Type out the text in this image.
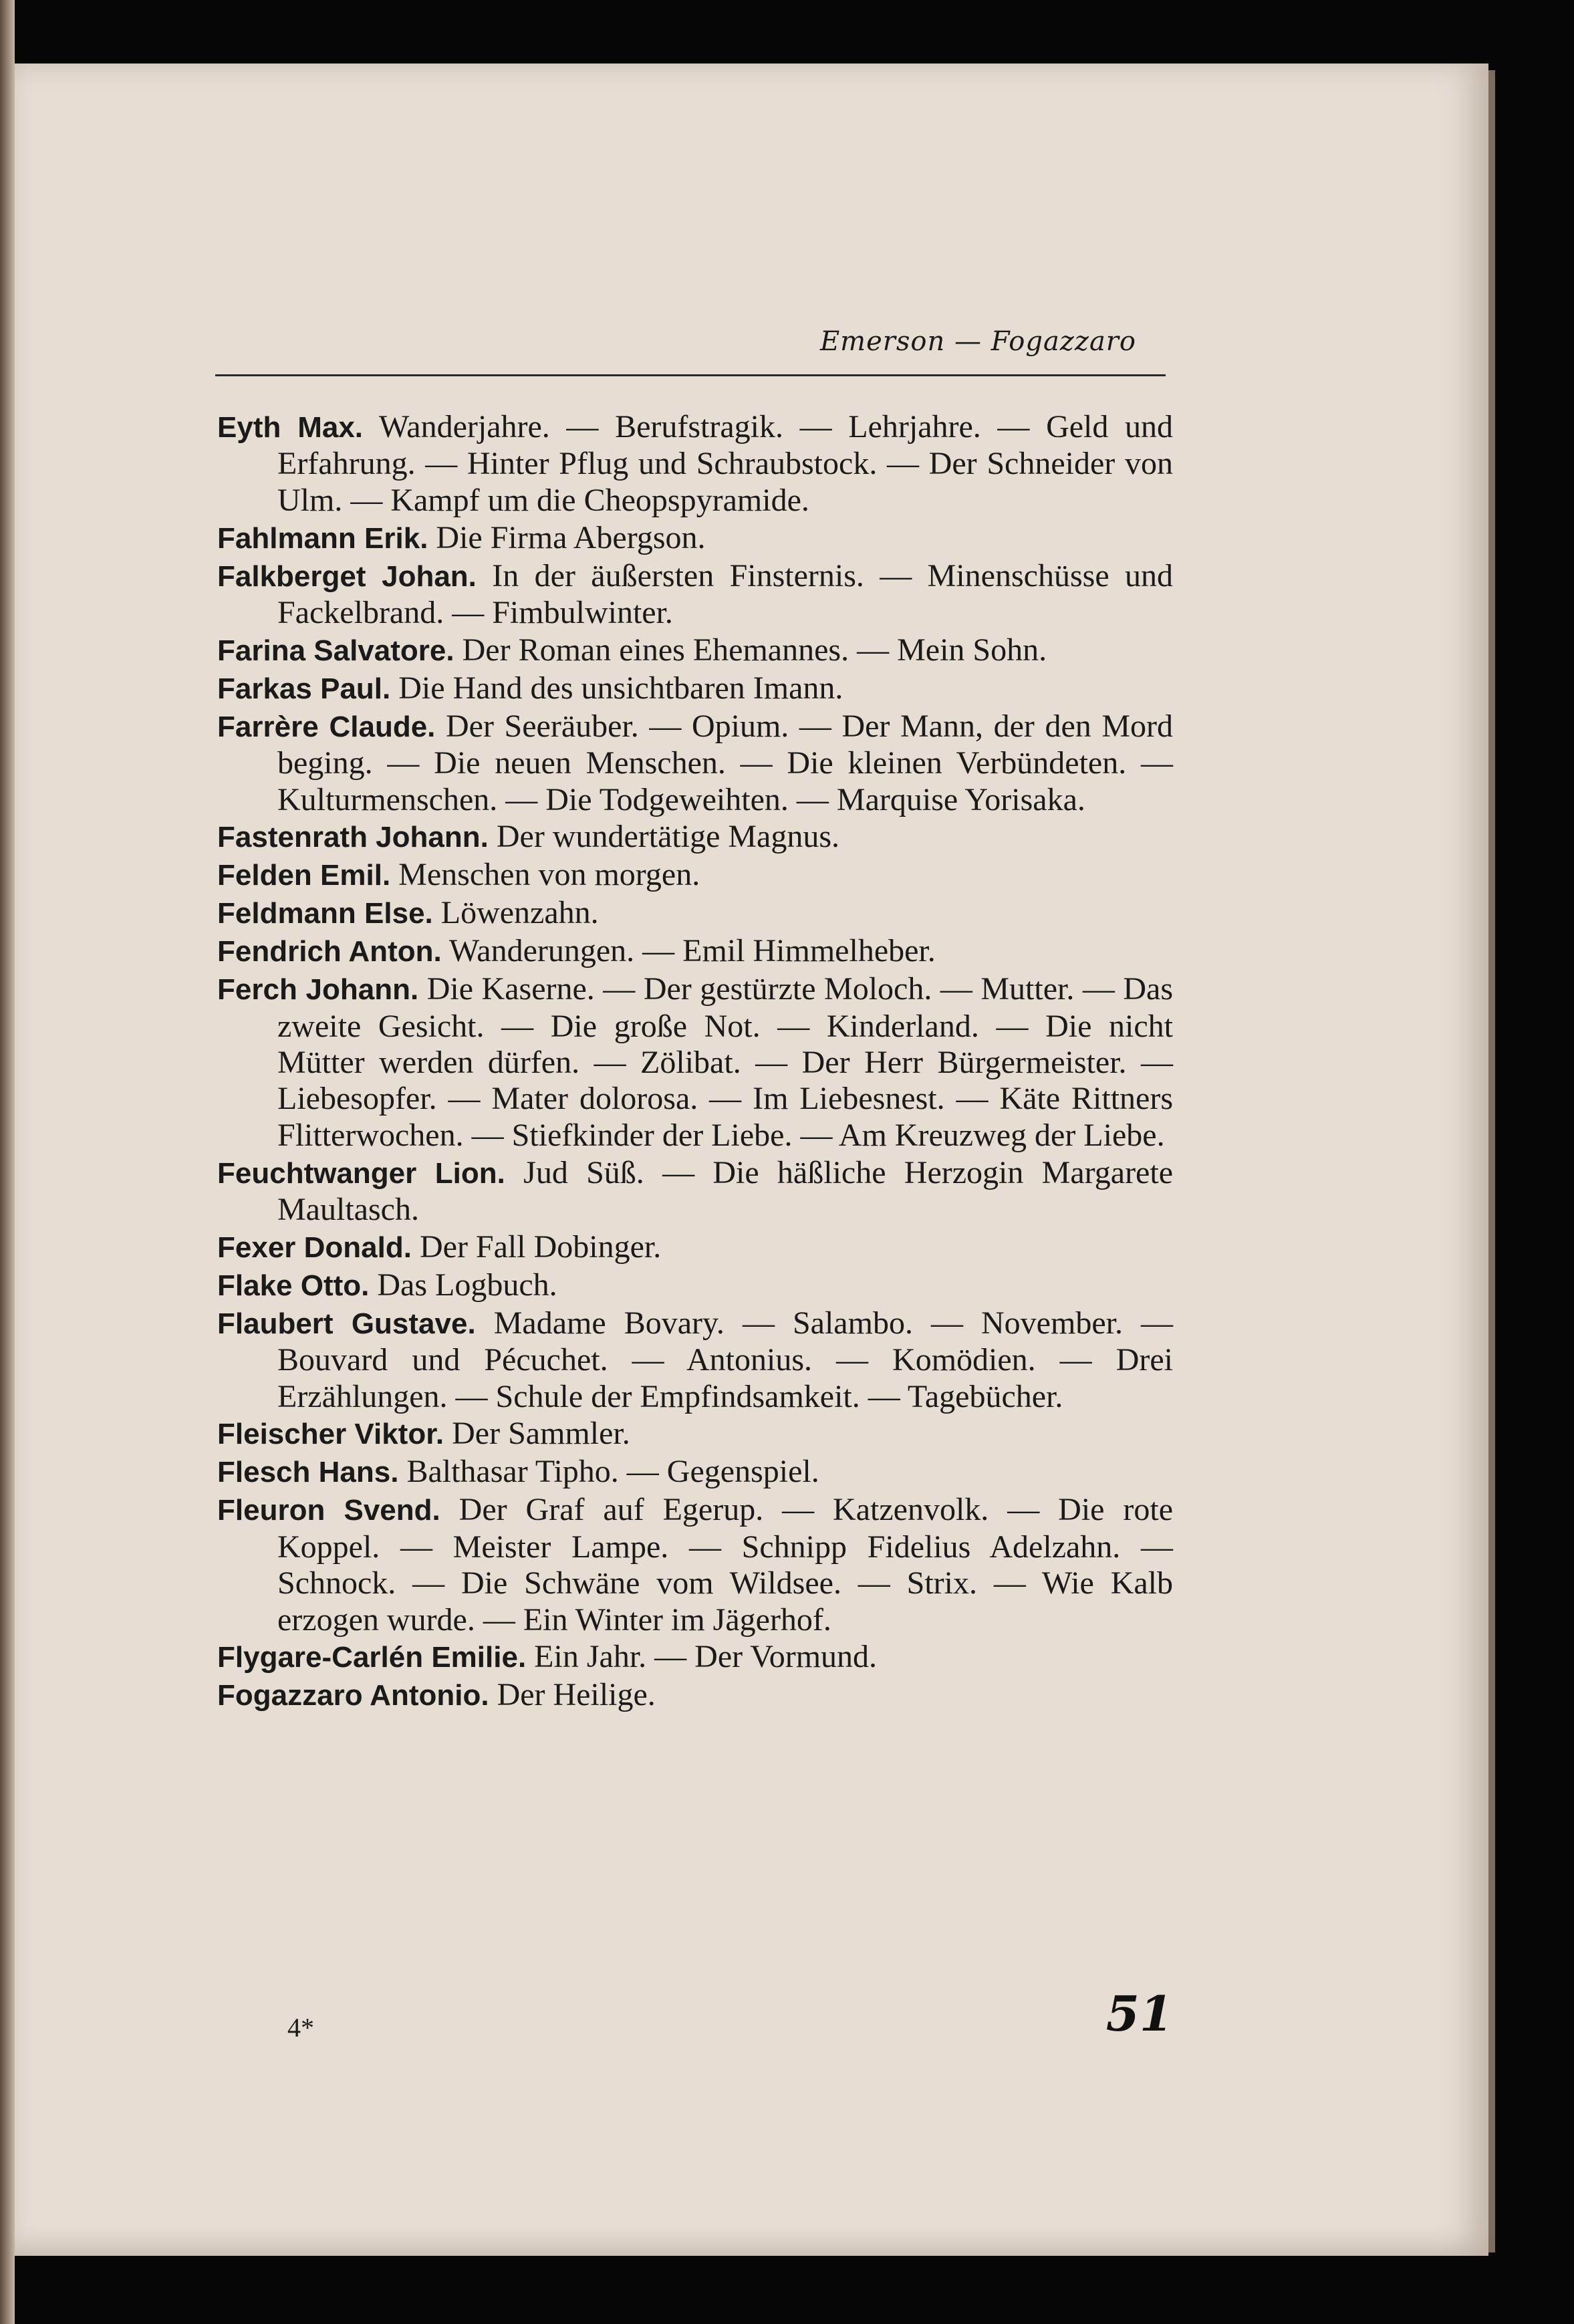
Emerson — Fogazzaro

Eyth Max. Wanderjahre. — Berufstragik. — Lehrjahre. — Geld und Erfahrung. — Hinter Pflug und Schraubstock. — Der Schneider von Ulm. — Kampf um die Cheopspyramide.

Fahlmann Erik. Die Firma Abergson.

Falkberget Johan. In der äußersten Finsternis. — Minenschüsse und Fackelbrand. — Fimbulwinter.

Farina Salvatore. Der Roman eines Ehemannes. — Mein Sohn.

Farkas Paul. Die Hand des unsichtbaren Imann.

Farrère Claude. Der Seeräuber. — Opium. — Der Mann, der den Mord beging. — Die neuen Menschen. — Die kleinen Verbündeten. — Kulturmenschen. — Die Todgeweihten. — Marquise Yorisaka.

Fastenrath Johann. Der wundertätige Magnus.

Felden Emil. Menschen von morgen.

Feldmann Else. Löwenzahn.

Fendrich Anton. Wanderungen. — Emil Himmelheber.

Ferch Johann. Die Kaserne. — Der gestürzte Moloch. — Mutter. — Das zweite Gesicht. — Die große Not. — Kinderland. — Die nicht Mütter werden dürfen. — Zölibat. — Der Herr Bürgermeister. — Liebesopfer. — Mater dolorosa. — Im Liebesnest. — Käte Rittners Flitterwochen. — Stiefkinder der Liebe. — Am Kreuzweg der Liebe.

Feuchtwanger Lion. Jud Süß. — Die häßliche Herzogin Margarete Maultasch.

Fexer Donald. Der Fall Dobinger.

Flake Otto. Das Logbuch.

Flaubert Gustave. Madame Bovary. — Salambo. — November. — Bouvard und Pécuchet. — Antonius. — Komödien. — Drei Erzählungen. — Schule der Empfindsamkeit. — Tagebücher.

Fleischer Viktor. Der Sammler.

Flesch Hans. Balthasar Tipho. — Gegenspiel.

Fleuron Svend. Der Graf auf Egerup. — Katzenvolk. — Die rote Koppel. — Meister Lampe. — Schnipp Fidelius Adelzahn. — Schnock. — Die Schwäne vom Wildsee. — Strix. — Wie Kalb erzogen wurde. — Ein Winter im Jägerhof.

Flygare-Carlén Emilie. Ein Jahr. — Der Vormund.

Fogazzaro Antonio. Der Heilige.

4*	51
